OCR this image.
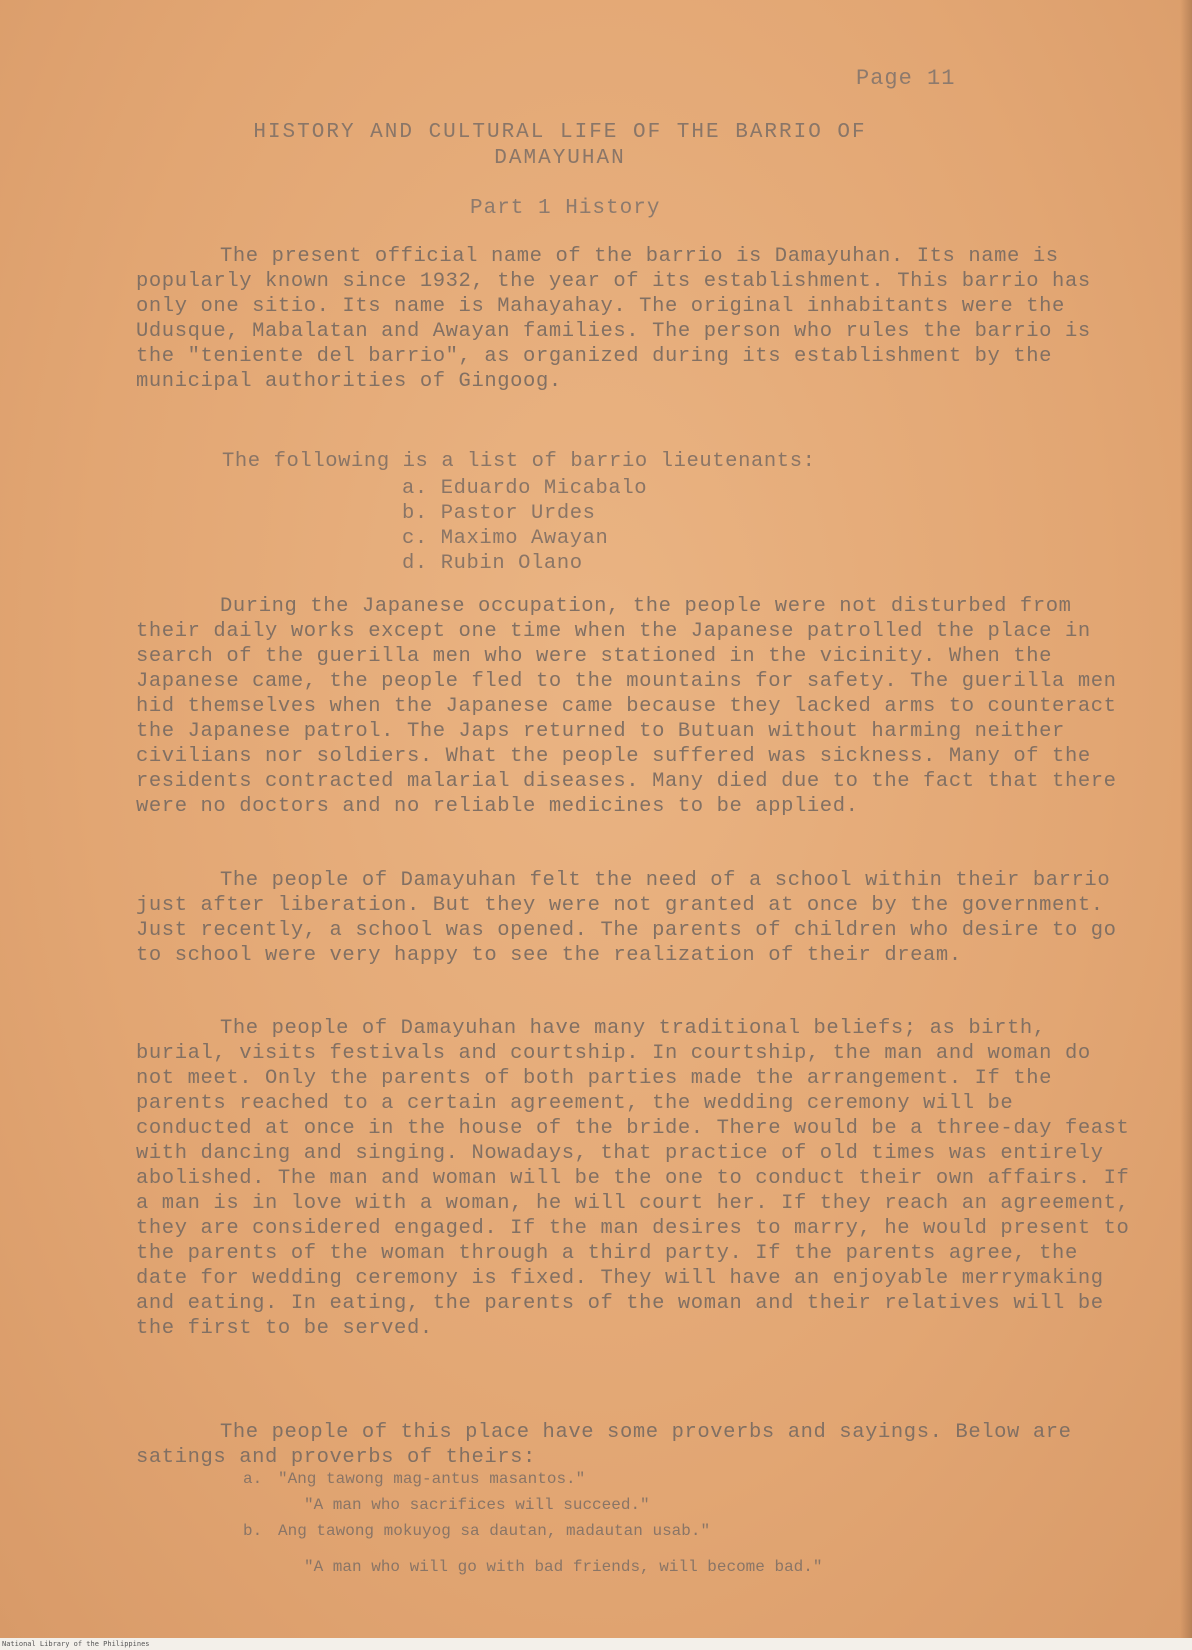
Page 11
HISTORY AND CULTURAL LIFE OF THE BARRIO OF
DAMAYUHAN
Part 1 History

The present official name of the barrio is Damayuhan. Its name is popularly known since 1932, the year of its establishment. This barrio has only one sitio. Its name is Mahayahay. The original inhabitants were the Udusque, Mabalatan and Awayan families. The person who rules the barrio is the "teniente del barrio", as organized during its establishment by the municipal authorities of Gingoog.

The following is a list of barrio lieutenants:
a. Eduardo Micabalo
b. Pastor Urdes
c. Maximo Awayan
d. Rubin Olano

During the Japanese occupation, the people were not disturbed from their daily works except one time when the Japanese patrolled the place in search of the guerilla men who were stationed in the vicinity. When the Japanese came, the people fled to the mountains for safety. The guerilla men hid themselves when the Japanese came because they lacked arms to counteract the Japanese patrol. The Japs returned to Butuan without harming neither civilians nor soldiers. What the people suffered was sickness. Many of the residents contracted malarial diseases. Many died due to the fact that there were no doctors and no reliable medicines to be applied.

The people of Damayuhan felt the need of a school within their barrio just after liberation. But they were not granted at once by the government. Just recently, a school was opened. The parents of children who desire to go to school were very happy to see the realization of their dream.

The people of Damayuhan have many traditional beliefs; as birth, burial, visits festivals and courtship. In courtship, the man and woman do not meet. Only the parents of both parties made the arrangement. If the parents reached to a certain agreement, the wedding ceremony will be conducted at once in the house of the bride. There would be a three-day feast with dancing and singing. Nowadays, that practice of old times was entirely abolished. The man and woman will be the one to conduct their own affairs. If a man is in love with a woman, he will court her. If they reach an agreement, they are considered engaged. If the man desires to marry, he would present to the parents of the woman through a third party. If the parents agree, the date for wedding ceremony is fixed. They will have an enjoyable merrymaking and eating. In eating, the parents of the woman and their relatives will be the first to be served.

The people of this place have some proverbs and sayings. Below are satings and proverbs of theirs:

a. "Ang tawong mag-antus masantos."
"A man who sacrifices will succeed."
b. Ang tawong mokuyog sa dautan, madautan usab."
"A man who will go with bad friends, will become bad."
National Library of the Philippines
